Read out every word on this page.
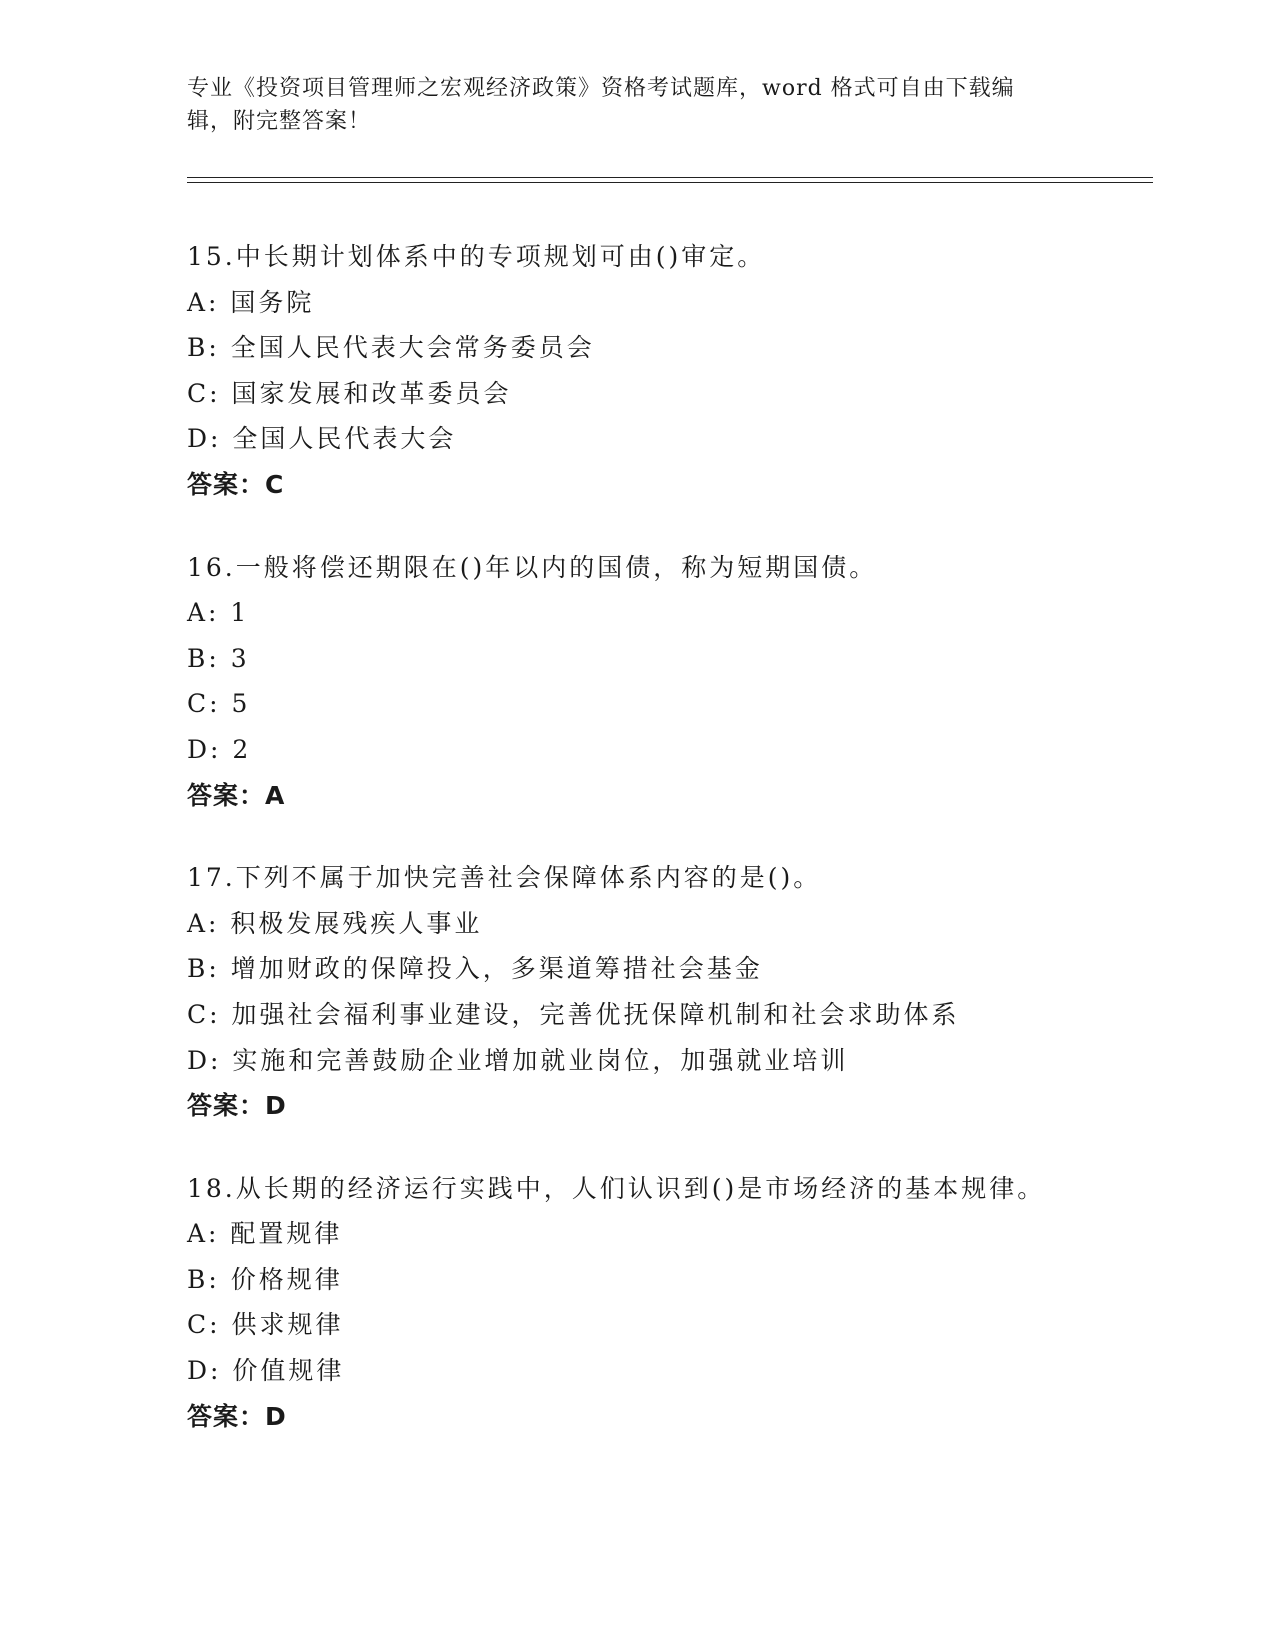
专业《投资项目管理师之宏观经济政策》资格考试题库，word 格式可自由下载编
辑，附完整答案！
15.中长期计划体系中的专项规划可由()审定。
A: 国务院
B: 全国人民代表大会常务委员会
C: 国家发展和改革委员会
D: 全国人民代表大会
答案：C
16.一般将偿还期限在()年以内的国债，称为短期国债。
A: 1
B: 3
C: 5
D: 2
答案：A
17.下列不属于加快完善社会保障体系内容的是()。
A: 积极发展残疾人事业
B: 增加财政的保障投入，多渠道筹措社会基金
C: 加强社会福利事业建设，完善优抚保障机制和社会求助体系
D: 实施和完善鼓励企业增加就业岗位，加强就业培训
答案：D
18.从长期的经济运行实践中，人们认识到()是市场经济的基本规律。
A: 配置规律
B: 价格规律
C: 供求规律
D: 价值规律
答案：D
